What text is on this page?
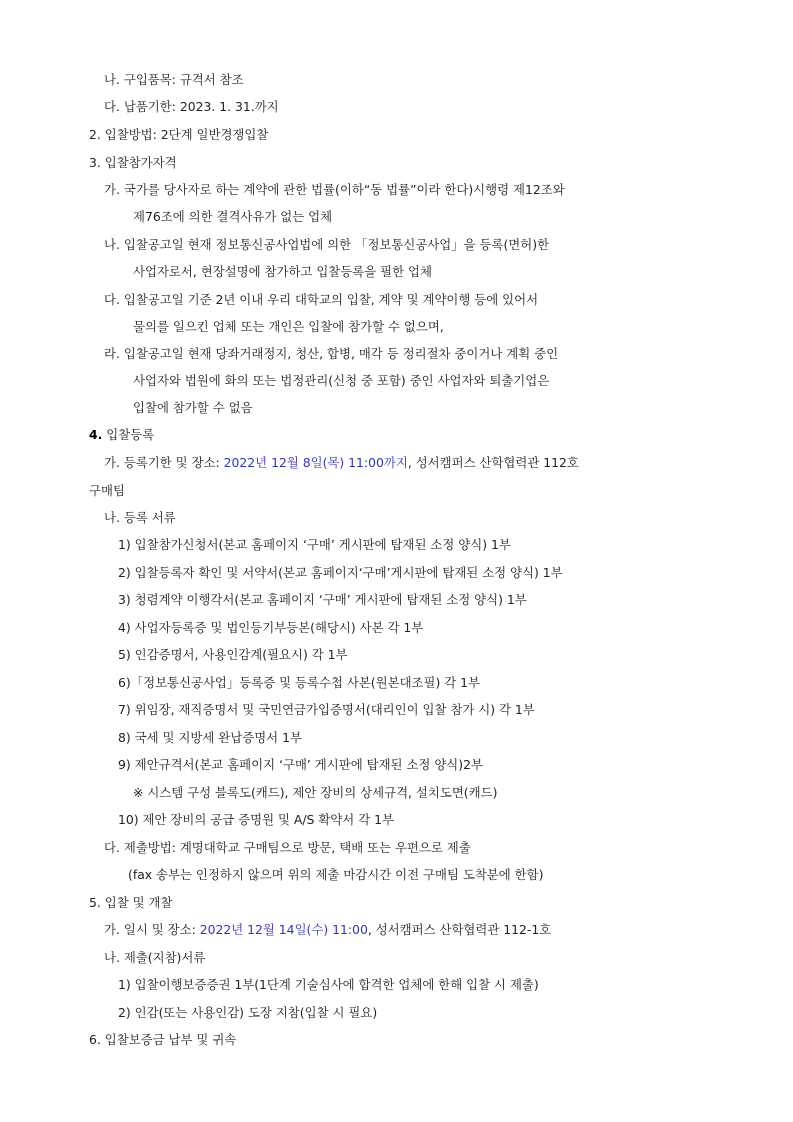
나. 구입품목: 규격서 참조
다. 납품기한: 2023. 1. 31.까지
2. 입찰방법: 2단계 일반경쟁입찰
3. 입찰참가자격
가. 국가를 당사자로 하는 계약에 관한 법률(이하“동 법률”이라 한다)시행령 제12조와
제76조에 의한 결격사유가 없는 업체
나. 입찰공고일 현재 정보통신공사업법에 의한 「정보통신공사업」을 등록(면허)한
사업자로서, 현장설명에 참가하고 입찰등록을 필한 업체
다. 입찰공고일 기준 2년 이내 우리 대학교의 입찰, 계약 및 계약이행 등에 있어서
물의를 일으킨 업체 또는 개인은 입찰에 참가할 수 없으며,
라. 입찰공고일 현재 당좌거래정지, 청산, 합병, 매각 등 정리절차 중이거나 계획 중인
사업자와 법원에 화의 또는 법정관리(신청 중 포함) 중인 사업자와 퇴출기업은
입찰에 참가할 수 없음
4. 입찰등록
가. 등록기한 및 장소: 2022년 12월 8일(목) 11:00까지, 성서캠퍼스 산학협력관 112호
구매팀
나. 등록 서류
1) 입찰참가신청서(본교 홈페이지 ‘구매’ 게시판에 탑재된 소정 양식) 1부
2) 입찰등록자 확인 및 서약서(본교 홈페이지‘구매’게시판에 탑재된 소정 양식) 1부
3) 청렴계약 이행각서(본교 홈페이지 ‘구매’ 게시판에 탑재된 소정 양식) 1부
4) 사업자등록증 및 법인등기부등본(해당시) 사본 각 1부
5) 인감증명서, 사용인감계(필요시) 각 1부
6)「정보통신공사업」등록증 및 등록수첩 사본(원본대조필) 각 1부
7) 위임장, 재직증명서 및 국민연금가입증명서(대리인이 입찰 참가 시) 각 1부
8) 국세 및 지방세 완납증명서 1부
9) 제안규격서(본교 홈페이지 ‘구매’ 게시판에 탑재된 소정 양식)2부
※ 시스템 구성 블록도(캐드), 제안 장비의 상세규격, 설치도면(캐드)
10) 제안 장비의 공급 증명원 및 A/S 확약서 각 1부
다. 제출방법: 계명대학교 구매팀으로 방문, 택배 또는 우편으로 제출
(fax 송부는 인정하지 않으며 위의 제출 마감시간 이전 구매팀 도착분에 한함)
5. 입찰 및 개찰
가. 일시 및 장소: 2022년 12월 14일(수) 11:00, 성서캠퍼스 산학협력관 112-1호
나. 제출(지참)서류
1) 입찰이행보증증권 1부(1단계 기술심사에 합격한 업체에 한해 입찰 시 제출)
2) 인감(또는 사용인감) 도장 지참(입찰 시 필요)
6. 입찰보증금 납부 및 귀속
